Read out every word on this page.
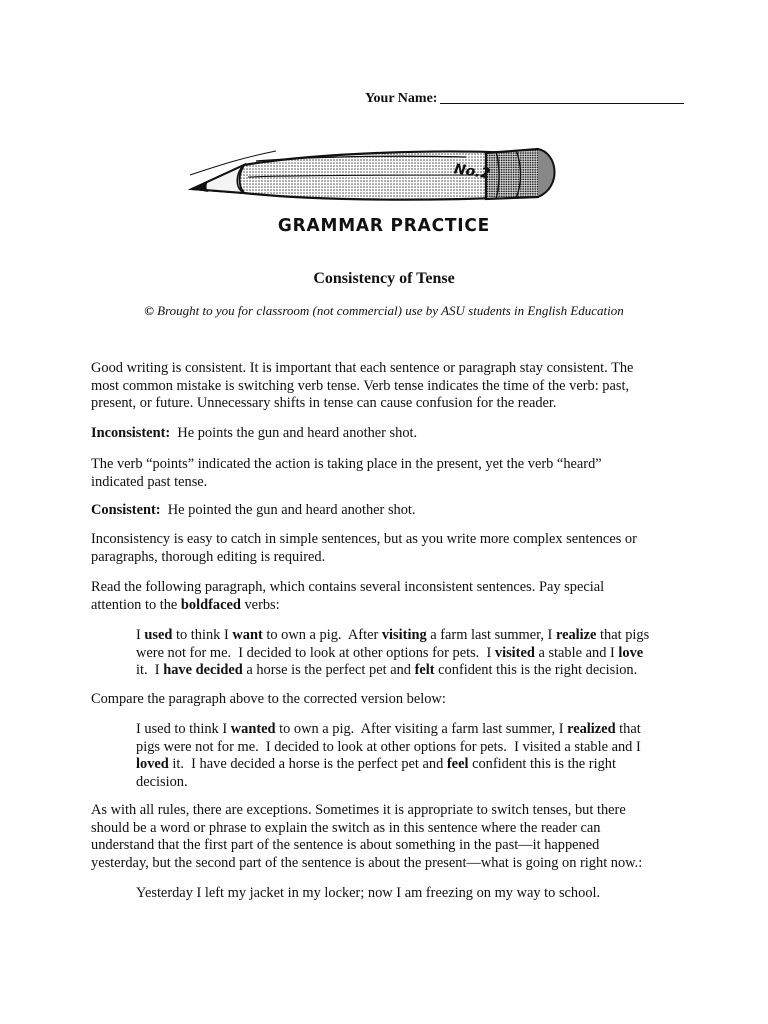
Your Name:
No.2
GRAMMAR PRACTICE
Consistency of Tense
© Brought to you for classroom (not commercial) use by ASU students in English Education

Good writing is consistent. It is important that each sentence or paragraph stay consistent. The
most common mistake is switching verb tense. Verb tense indicates the time of the verb: past,
present, or future. Unnecessary shifts in tense can cause confusion for the reader.

Inconsistent:  He points the gun and heard another shot.

The verb “points” indicated the action is taking place in the present, yet the verb “heard”
indicated past tense.

Consistent:  He pointed the gun and heard another shot.

Inconsistency is easy to catch in simple sentences, but as you write more complex sentences or
paragraphs, thorough editing is required.

Read the following paragraph, which contains several inconsistent sentences. Pay special
attention to the boldfaced verbs:

I used to think I want to own a pig.  After visiting a farm last summer, I realize that pigs
were not for me.  I decided to look at other options for pets.  I visited a stable and I love
it.  I have decided a horse is the perfect pet and felt confident this is the right decision.

Compare the paragraph above to the corrected version below:

I used to think I wanted to own a pig.  After visiting a farm last summer, I realized that
pigs were not for me.  I decided to look at other options for pets.  I visited a stable and I
loved it.  I have decided a horse is the perfect pet and feel confident this is the right
decision.

As with all rules, there are exceptions. Sometimes it is appropriate to switch tenses, but there
should be a word or phrase to explain the switch as in this sentence where the reader can
understand that the first part of the sentence is about something in the past—it happened
yesterday, but the second part of the sentence is about the present—what is going on right now.:

Yesterday I left my jacket in my locker; now I am freezing on my way to school.
